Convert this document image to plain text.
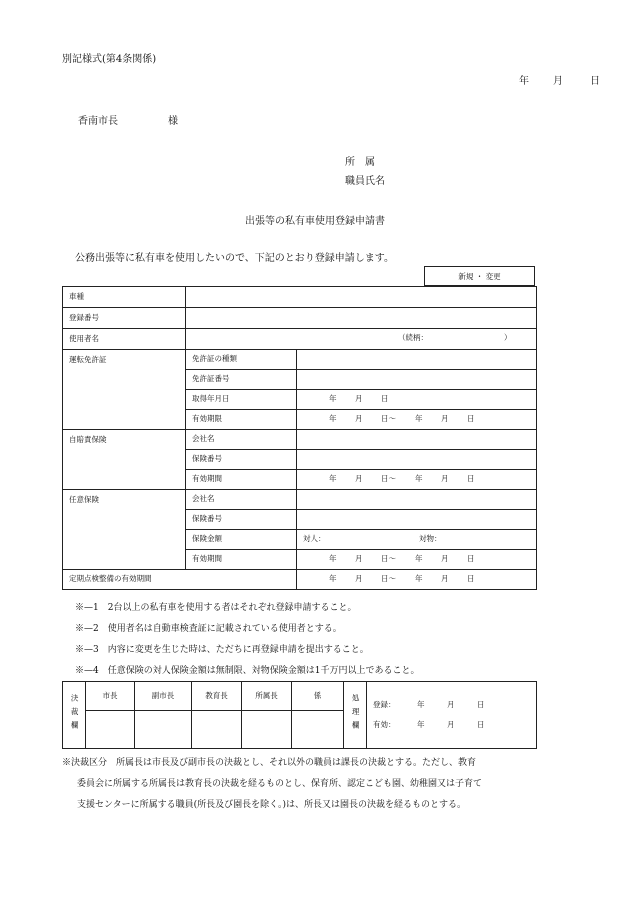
別記様式(第4条関係)
年 月	日
香南市長	様
所　属
職員氏名
出張等の私有車使用登録申請書
公務出張等に私有車を使用したいので、下記のとおり登録申請します。
新規 ・ 変更
車種		
登録番号		
使用者名	（続柄： ）	

運転免許証	免許証の種類	
	免許証番号	
	取得年月日	年 月 日
	有効期限	年 月 日〜 年 月 日
自賠責保険	会社名	
	保険番号	
	有効期間	年 月 日〜 年 月 日
任意保険	会社名	
	保険番号	
	保険金額	対人： 対物：

	有効期間	年 月 日〜 年 月 日
定期点検整備の有効期間		年 月 日〜 年 月 日
※—1　2台以上の私有車を使用する者はそれぞれ登録申請すること。
※—2　使用者名は自動車検査証に記載されている使用者とする。
※—3　内容に変更を生じた時は、ただちに再登録申請を提出すること。
※—4　任意保険の対人保険金額は無制限、対物保険金額は1千万円以上であること。
決裁欄	市長	副市長	教育長	所属長	係	処理欄	登録： 年 月 日
有効： 年 月 日

※決裁区分　所属長は市長及び副市長の決裁とし、それ以外の職員は課長の決裁とする。ただし、教育
委員会に所属する所属長は教育長の決裁を経るものとし、保育所、認定こども園、幼稚園又は子育て
支援センターに所属する職員(所長及び園長を除く。)は、所長又は園長の決裁を経るものとする。
